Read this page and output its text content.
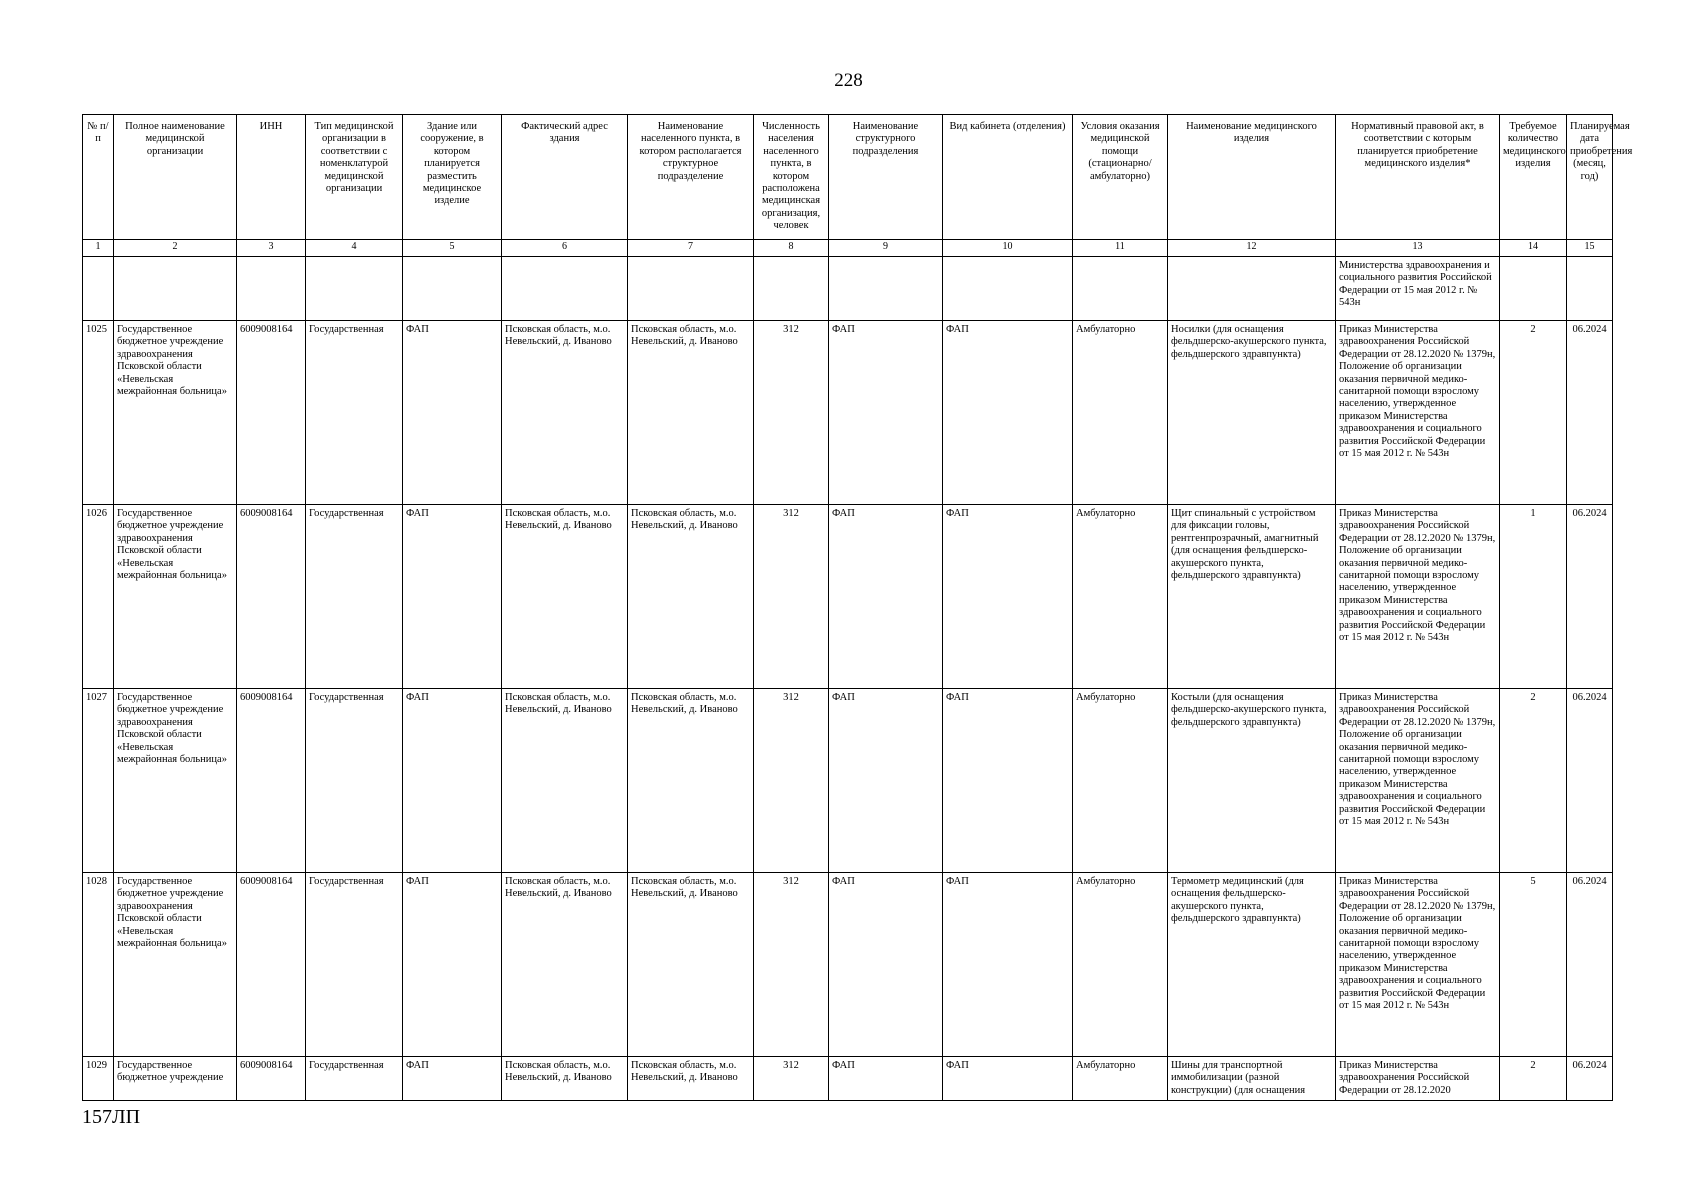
228
№ п/п	Полное наименование медицинской организации	ИНН	Тип медицинской организации в соответствии с номенклатурой медицинской организации	Здание или сооружение, в котором планируется разместить медицинское изделие	Фактический адрес здания	Наименование населенного пункта, в котором располагается структурное подразделение	Численность населения населенного пункта, в котором расположена медицинская организация, человек	Наименование структурного подразделения	Вид кабинета (отделения)	Условия оказания медицинской помощи (стационарно/ амбулаторно)	Наименование медицинского изделия	Нормативный правовой акт, в соответствии с которым планируется приобретение медицинского изделия*	Требуемое количество медицинского изделия	Планируемая дата приобретения (месяц, год)
1	2	3	4	5	6	7	8	9	10	11	12	13	14	15
												Министерства здравоохранения и социального развития Российской Федерации от 15 мая 2012 г. № 543н		
1025	Государственное бюджетное учреждение здравоохранения Псковской области «Невельская межрайонная больница»	6009008164	Государственная	ФАП	Псковская область, м.о. Невельский, д. Иваново	Псковская область, м.о. Невельский, д. Иваново	312	ФАП	ФАП	Амбулаторно	Носилки (для оснащения фельдшерско-акушерского пункта, фельдшерского здравпункта)	Приказ Министерства здравоохранения Российской Федерации от 28.12.2020 № 1379н, Положение об организации оказания первичной медико-санитарной помощи взрослому населению, утвержденное приказом Министерства здравоохранения и социального развития Российской Федерации от 15 мая 2012 г. № 543н	2	06.2024
1026	Государственное бюджетное учреждение здравоохранения Псковской области «Невельская межрайонная больница»	6009008164	Государственная	ФАП	Псковская область, м.о. Невельский, д. Иваново	Псковская область, м.о. Невельский, д. Иваново	312	ФАП	ФАП	Амбулаторно	Щит спинальный с устройством для фиксации головы, рентгенпрозрачный, амагнитный (для оснащения фельдшерско-акушерского пункта, фельдшерского здравпункта)	Приказ Министерства здравоохранения Российской Федерации от 28.12.2020 № 1379н, Положение об организации оказания первичной медико-санитарной помощи взрослому населению, утвержденное приказом Министерства здравоохранения и социального развития Российской Федерации от 15 мая 2012 г. № 543н	1	06.2024
1027	Государственное бюджетное учреждение здравоохранения Псковской области «Невельская межрайонная больница»	6009008164	Государственная	ФАП	Псковская область, м.о. Невельский, д. Иваново	Псковская область, м.о. Невельский, д. Иваново	312	ФАП	ФАП	Амбулаторно	Костыли (для оснащения фельдшерско-акушерского пункта, фельдшерского здравпункта)	Приказ Министерства здравоохранения Российской Федерации от 28.12.2020 № 1379н, Положение об организации оказания первичной медико-санитарной помощи взрослому населению, утвержденное приказом Министерства здравоохранения и социального развития Российской Федерации от 15 мая 2012 г. № 543н	2	06.2024
1028	Государственное бюджетное учреждение здравоохранения Псковской области «Невельская межрайонная больница»	6009008164	Государственная	ФАП	Псковская область, м.о. Невельский, д. Иваново	Псковская область, м.о. Невельский, д. Иваново	312	ФАП	ФАП	Амбулаторно	Термометр медицинский (для оснащения фельдшерско-акушерского пункта, фельдшерского здравпункта)	Приказ Министерства здравоохранения Российской Федерации от 28.12.2020 № 1379н, Положение об организации оказания первичной медико-санитарной помощи взрослому населению, утвержденное приказом Министерства здравоохранения и социального развития Российской Федерации от 15 мая 2012 г. № 543н	5	06.2024
1029	Государственное бюджетное учреждение	6009008164	Государственная	ФАП	Псковская область, м.о. Невельский, д. Иваново	Псковская область, м.о. Невельский, д. Иваново	312	ФАП	ФАП	Амбулаторно	Шины для транспортной иммобилизации (разной конструкции) (для оснащения	Приказ Министерства здравоохранения Российской Федерации от 28.12.2020	2	06.2024
157ЛП
